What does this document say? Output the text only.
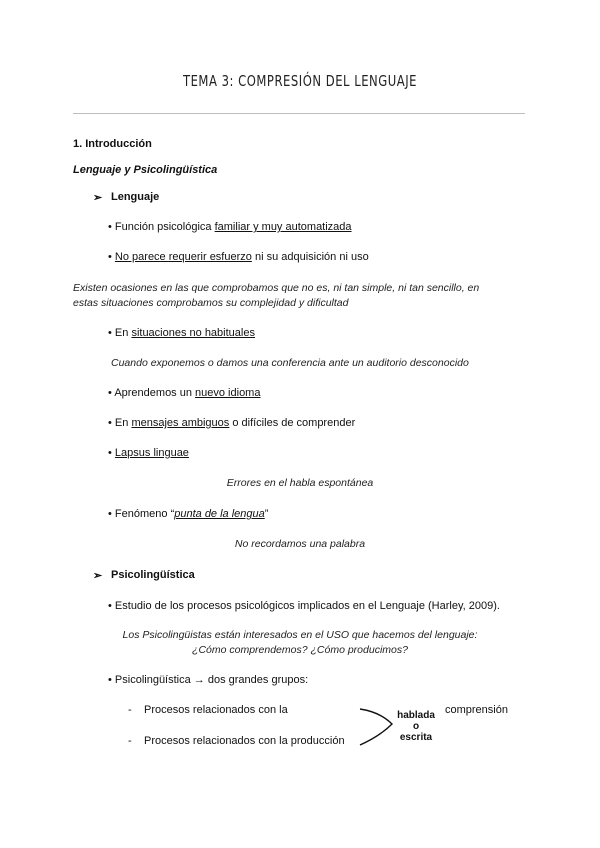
TEMA 3: COMPRESIÓN DEL LENGUAJE
1. Introducción
Lenguaje y Psicolingüística
➢ Lenguaje
• Función psicológica familiar y muy automatizada
• No parece requerir esfuerzo ni su adquisición ni uso
Existen ocasiones en las que comprobamos que no es, ni tan simple, ni tan sencillo, en
estas situaciones comprobamos su complejidad y dificultad
• En situaciones no habituales
Cuando exponemos o damos una conferencia ante un auditorio desconocido
• Aprendemos un nuevo idioma
• En mensajes ambiguos o difíciles de comprender
• Lapsus linguae
Errores en el habla espontánea
• Fenómeno “punta de la lengua”
No recordamos una palabra
➢ Psicolingüística
• Estudio de los procesos psicológicos implicados en el Lenguaje (Harley, 2009).
Los Psicolingüistas están interesados en el USO que hacemos del lenguaje:
¿Cómo comprendemos? ¿Cómo producimos?
• Psicolingüística → dos grandes grupos:
- Procesos relacionados con la
- Procesos relacionados con la producción
hablada
o
escrita
comprensión
